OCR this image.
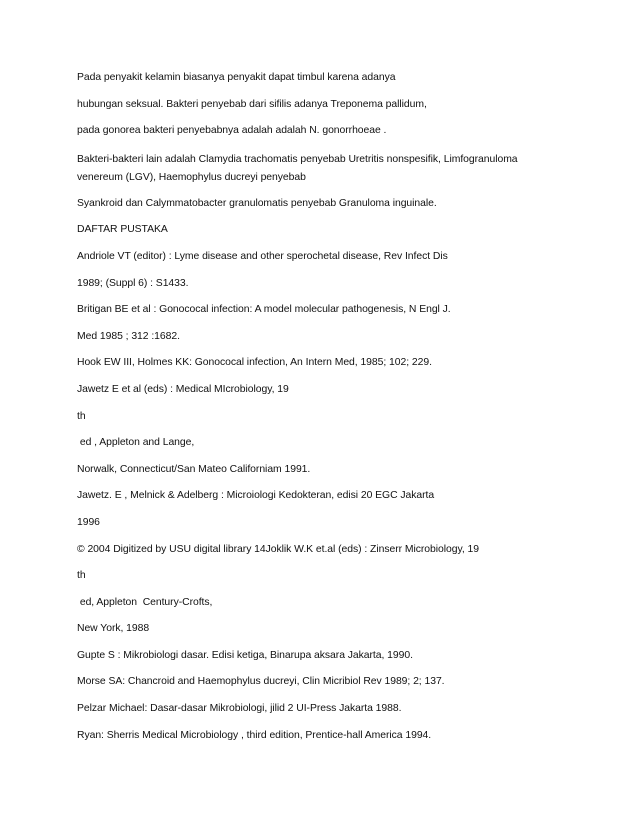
Pada penyakit kelamin biasanya penyakit dapat timbul karena adanya

hubungan seksual. Bakteri penyebab dari sifilis adanya Treponema pallidum,

pada gonorea bakteri penyebabnya adalah adalah N. gonorrhoeae .

Bakteri-bakteri lain adalah Clamydia trachomatis penyebab Uretritis nonspesifik, Limfogranuloma venereum (LGV), Haemophylus ducreyi penyebab

Syankroid dan Calymmatobacter granulomatis penyebab Granuloma inguinale.

DAFTAR PUSTAKA

Andriole VT (editor) : Lyme disease and other sperochetal disease, Rev Infect Dis

1989; (Suppl 6) : S1433.

Britigan BE et al : Gonococal infection: A model molecular pathogenesis, N Engl J.

Med 1985 ; 312 :1682.

Hook EW III, Holmes KK: Gonococal infection, An Intern Med, 1985; 102; 229.

Jawetz E et al (eds) : Medical MIcrobiology, 19

th

ed , Appleton and Lange,

Norwalk, Connecticut/San Mateo Californiam 1991.

Jawetz. E , Melnick & Adelberg : Microiologi Kedokteran, edisi 20 EGC Jakarta

1996

© 2004 Digitized by USU digital library 14Joklik W.K et.al (eds) : Zinserr Microbiology, 19

th

ed, Appleton  Century-Crofts,

New York, 1988

Gupte S : Mikrobiologi dasar. Edisi ketiga, Binarupa aksara Jakarta, 1990.

Morse SA: Chancroid and Haemophylus ducreyi, Clin Micribiol Rev 1989; 2; 137.

Pelzar Michael: Dasar-dasar Mikrobiologi, jilid 2 UI-Press Jakarta 1988.

Ryan: Sherris Medical Microbiology , third edition, Prentice-hall America 1994.
